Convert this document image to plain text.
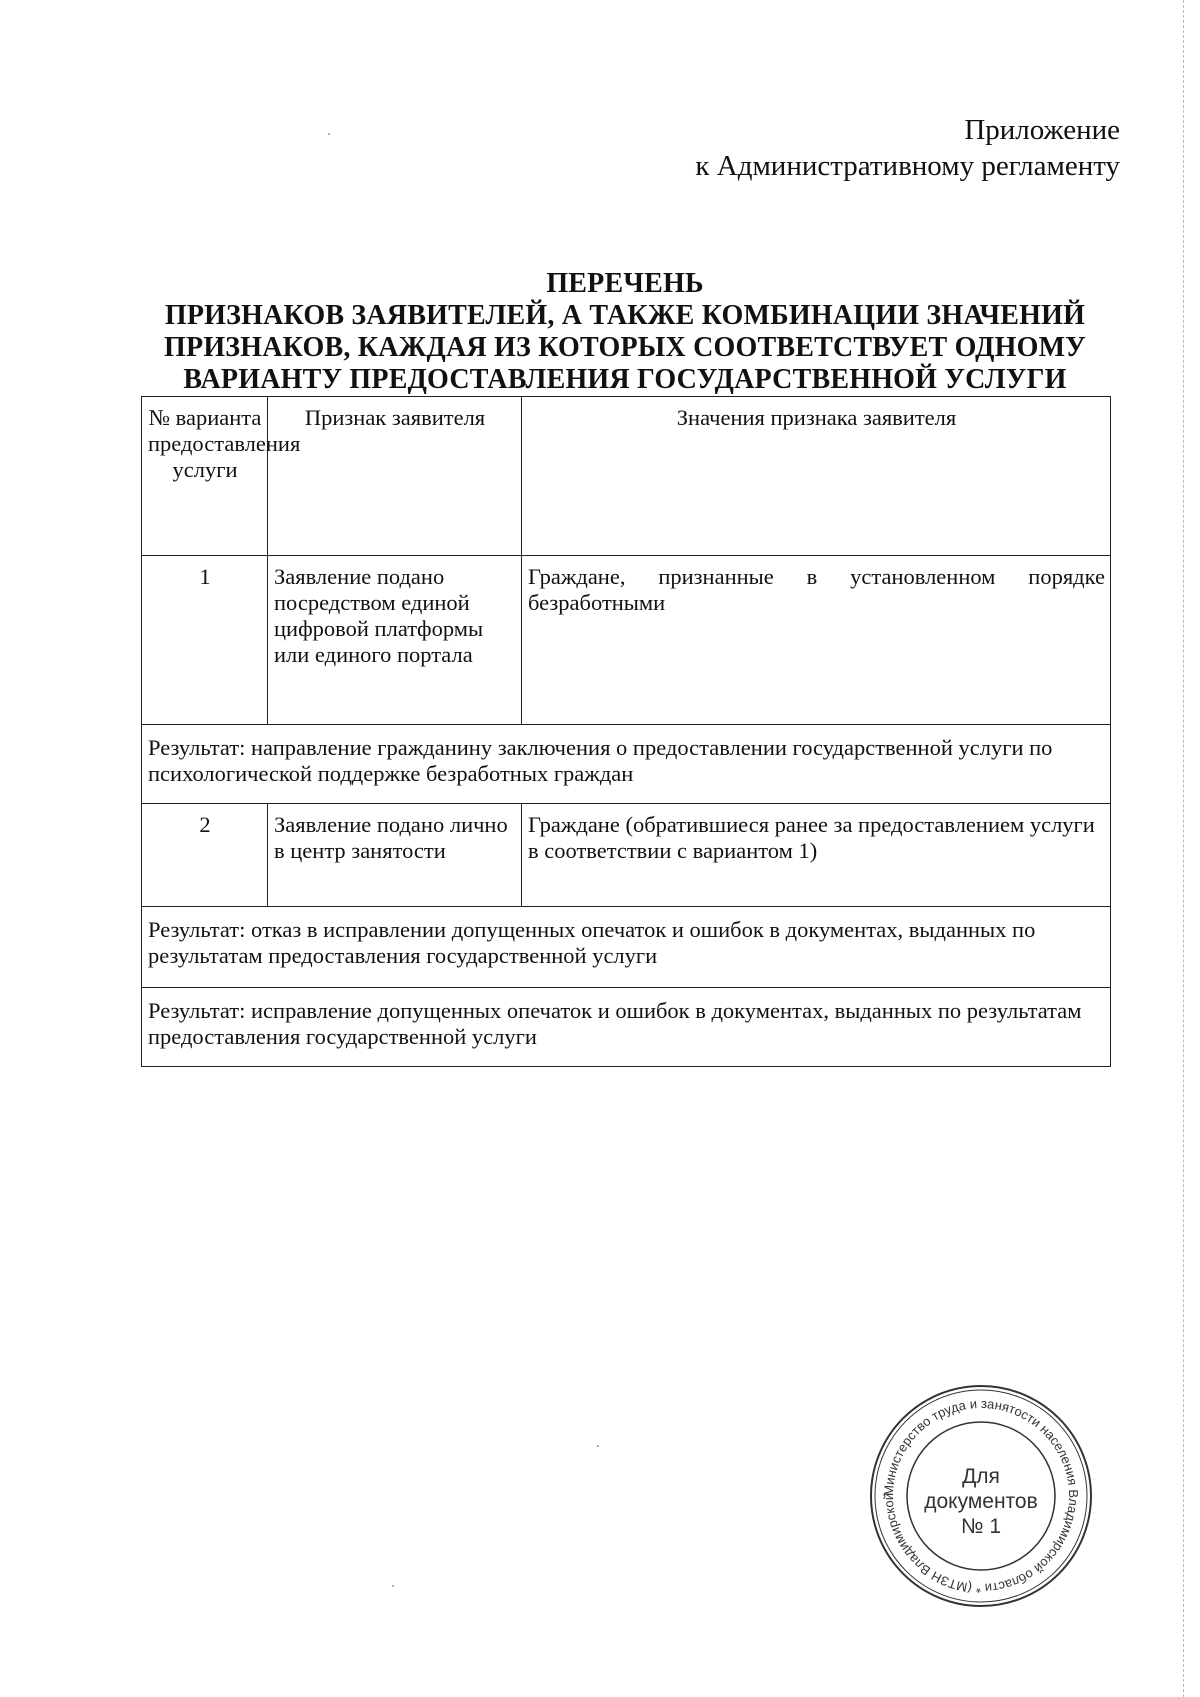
Приложение
к Административному регламенту
ПЕРЕЧЕНЬ
ПРИЗНАКОВ ЗАЯВИТЕЛЕЙ, А ТАКЖЕ КОМБИНАЦИИ ЗНАЧЕНИЙ
ПРИЗНАКОВ, КАЖДАЯ ИЗ КОТОРЫХ СООТВЕТСТВУЕТ ОДНОМУ
ВАРИАНТУ ПРЕДОСТАВЛЕНИЯ ГОСУДАРСТВЕННОЙ УСЛУГИ
№ варианта предоставления услуги	Признак заявителя	Значения признака заявителя
1	Заявление подано посредством единой цифровой платформы или единого портала	Граждане, признанные в установленном порядке безработными
Результат: направление гражданину заключения о предоставлении государственной услуги по психологической поддержке безработных граждан		
2	Заявление подано лично в центр занятости	Граждане (обратившиеся ранее за предоставлением услуги в соответствии с вариантом 1)
Результат: отказ в исправлении допущенных опечаток и ошибок в документах, выданных по результатам предоставления государственной услуги		
Результат: исправление допущенных опечаток и ошибок в документах, выданных по результатам предоставления государственной услуги		
Министерство труда и занятости населения Владимирской области * (МТЗН Владимирской
Для
документов
№ 1
